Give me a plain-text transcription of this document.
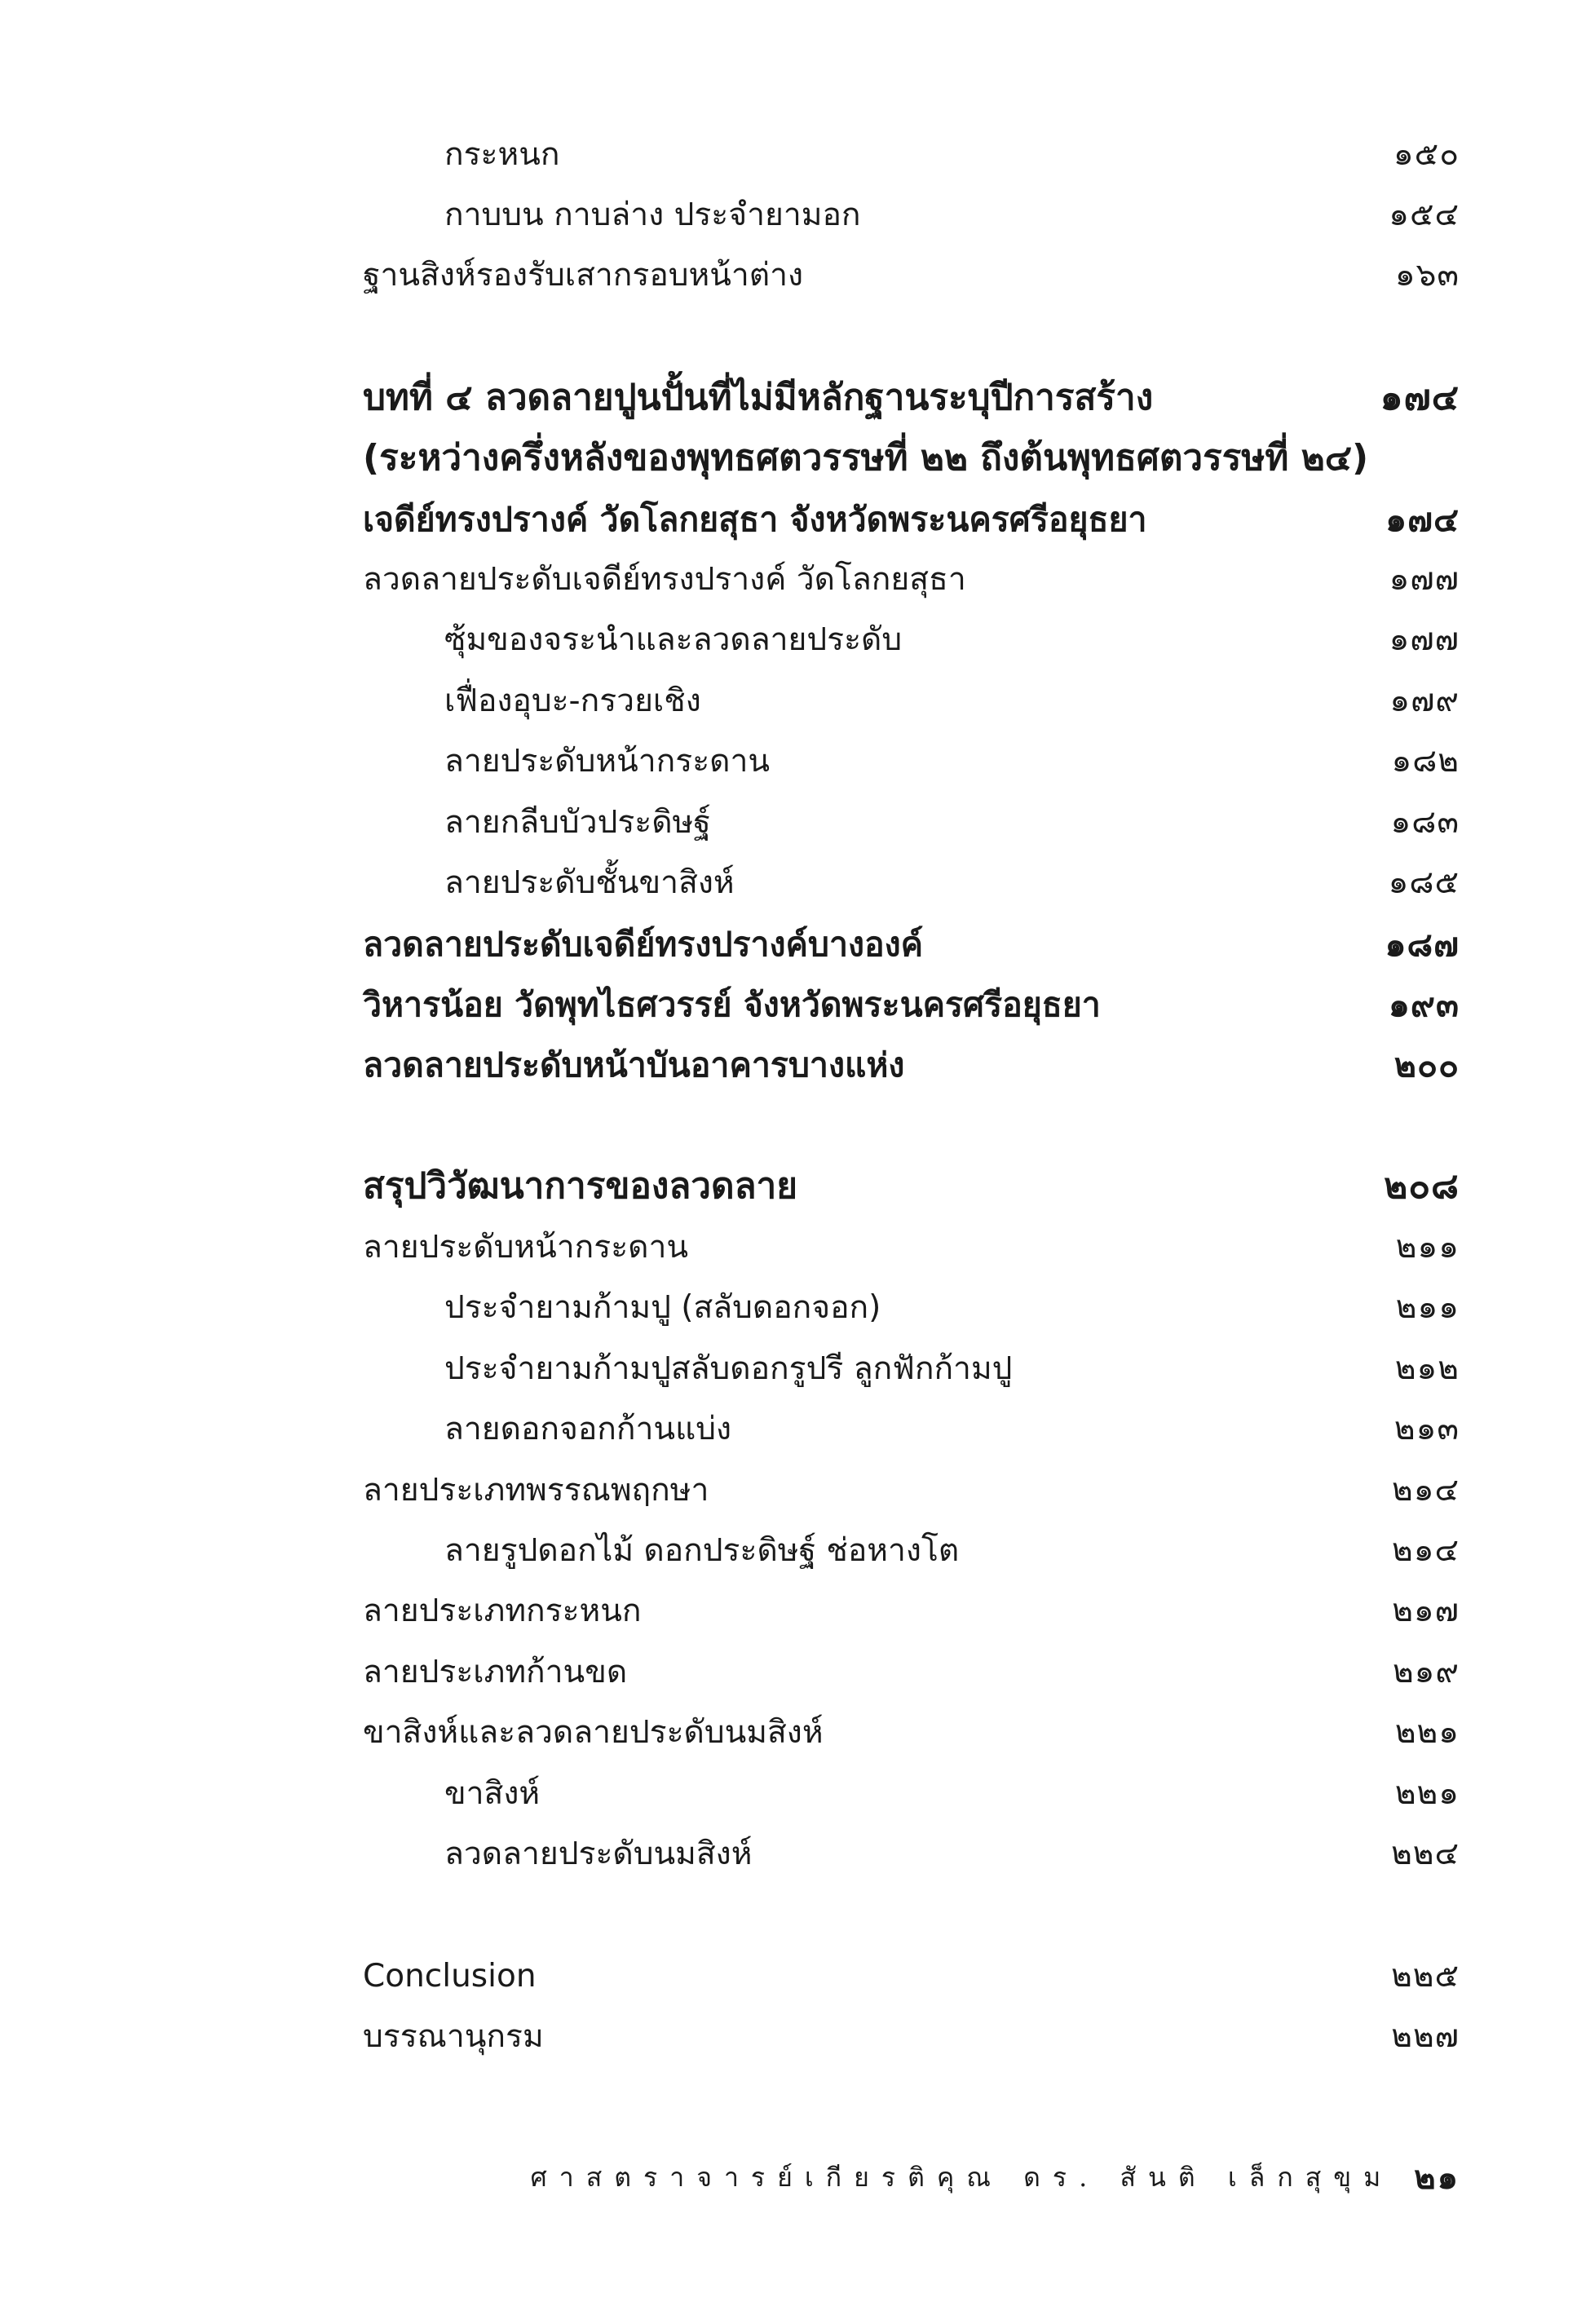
กระหนก	๑๕๐
กาบบน กาบล่าง ประจำยามอก	๑๕๔
ฐานสิงห์รองรับเสากรอบหน้าต่าง	๑๖๓
บทที่ ๔ ลวดลายปูนปั้นที่ไม่มีหลักฐานระบุปีการสร้าง	๑๗๔
(ระหว่างครึ่งหลังของพุทธศตวรรษที่ ๒๒ ถึงต้นพุทธศตวรรษที่ ๒๔)
เจดีย์ทรงปรางค์ วัดโลกยสุธา จังหวัดพระนครศรีอยุธยา	๑๗๔
ลวดลายประดับเจดีย์ทรงปรางค์ วัดโลกยสุธา	๑๗๗
ซุ้มของจระนำและลวดลายประดับ	๑๗๗
เฟื่องอุบะ-กรวยเชิง	๑๗๙
ลายประดับหน้ากระดาน	๑๘๒
ลายกลีบบัวประดิษฐ์	๑๘๓
ลายประดับชั้นขาสิงห์	๑๘๕
ลวดลายประดับเจดีย์ทรงปรางค์บางองค์	๑๘๗
วิหารน้อย วัดพุทไธศวรรย์ จังหวัดพระนครศรีอยุธยา	๑๙๓
ลวดลายประดับหน้าบันอาคารบางแห่ง	๒๐๐
สรุปวิวัฒนาการของลวดลาย	๒๐๘
ลายประดับหน้ากระดาน	๒๑๑
ประจำยามก้ามปู (สลับดอกจอก)	๒๑๑
ประจำยามก้ามปูสลับดอกรูปรี ลูกฟักก้ามปู	๒๑๒
ลายดอกจอกก้านแบ่ง	๒๑๓
ลายประเภทพรรณพฤกษา	๒๑๔
ลายรูปดอกไม้ ดอกประดิษฐ์ ช่อหางโต	๒๑๔
ลายประเภทกระหนก	๒๑๗
ลายประเภทก้านขด	๒๑๙
ขาสิงห์และลวดลายประดับนมสิงห์	๒๒๑
ขาสิงห์	๒๒๑
ลวดลายประดับนมสิงห์	๒๒๔
Conclusion	๒๒๕
บรรณานุกรม	๒๒๗
ศาสตราจารย์เกียรติคุณ ดร. สันติ เล็กสุขุม ๒๑
